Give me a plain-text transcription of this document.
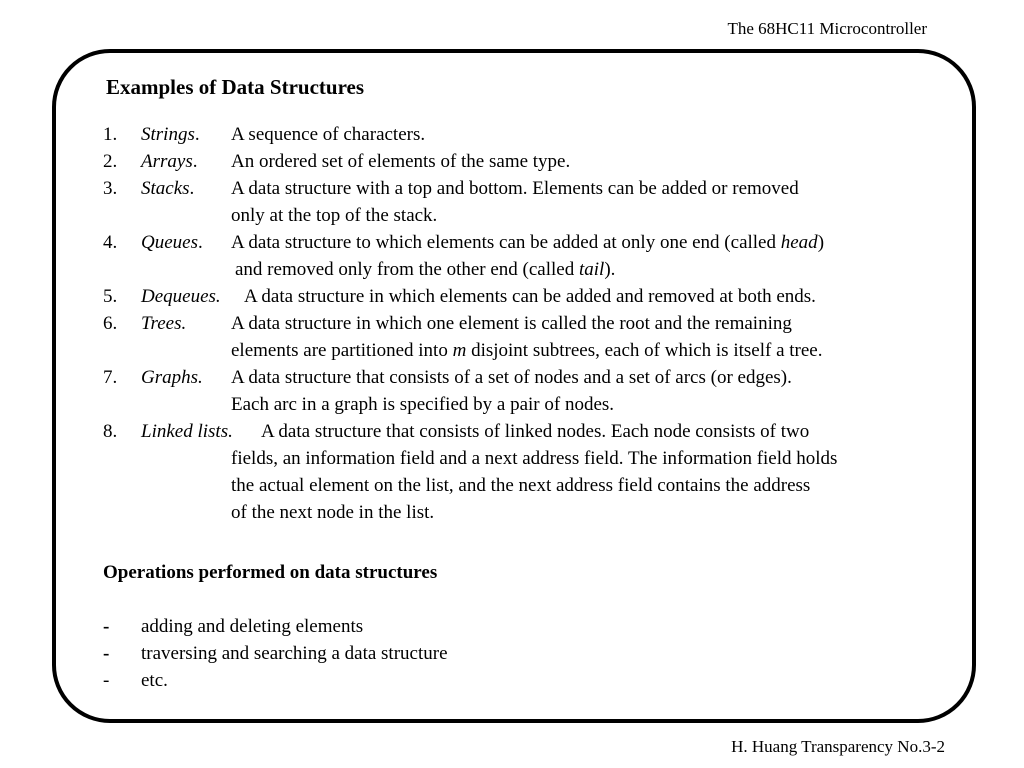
The 68HC11 Microcontroller
Examples of Data Structures
1. Strings. A sequence of characters.
2. Arrays. An ordered set of elements of the same type.
3. Stacks. A data structure with a top and bottom. Elements can be added or removed
only at the top of the stack.
4. Queues. A data structure to which elements can be added at only one end (called head)
and removed only from the other end (called tail).
5. Dequeues. A data structure in which elements can be added and removed at both ends.
6. Trees. A data structure in which one element is called the root and the remaining
elements are partitioned into m disjoint subtrees, each of which is itself a tree.
7. Graphs. A data structure that consists of a set of nodes and a set of arcs (or edges).
Each arc in a graph is specified by a pair of nodes.
8. Linked lists. A data structure that consists of linked nodes. Each node consists of two
fields, an information field and a next address field. The information field holds
the actual element on the list, and the next address field contains the address
of the next node in the list.
Operations performed on data structures
- adding and deleting elements
- traversing and searching a data structure
- etc.
H. Huang Transparency No.3-2
